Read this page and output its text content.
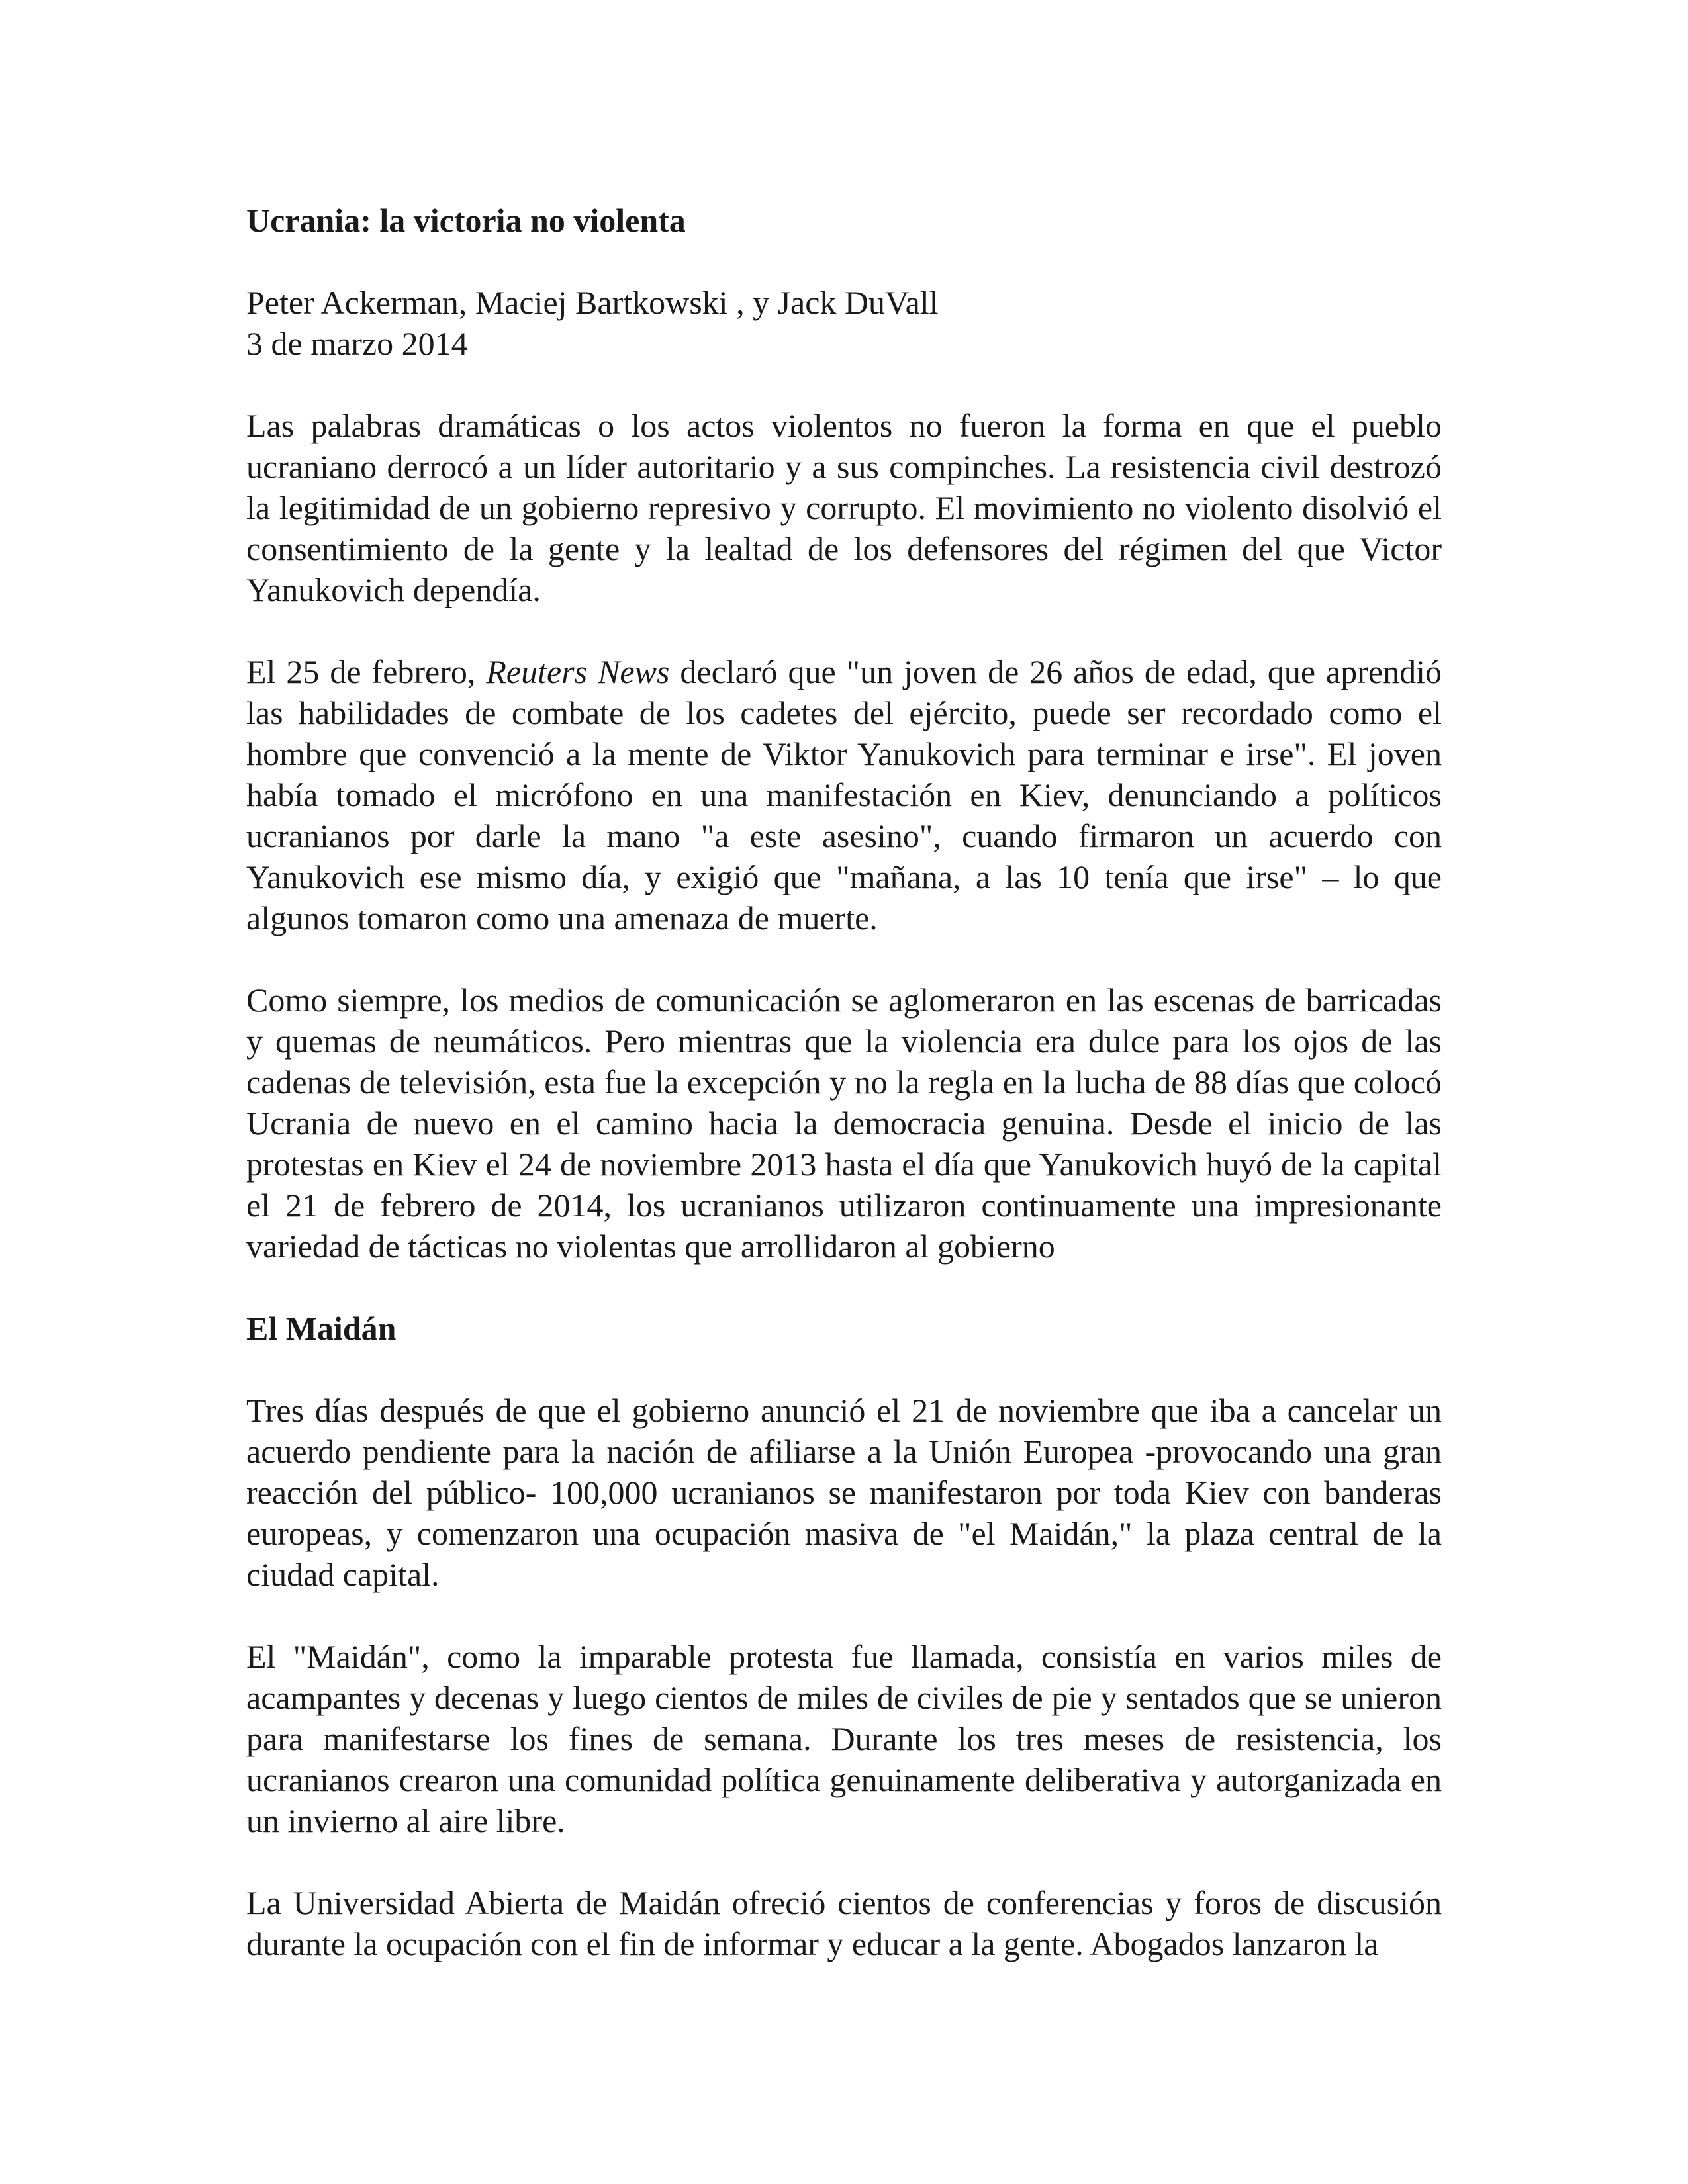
Ucrania: la victoria no violenta

Peter Ackerman, Maciej Bartkowski , y Jack DuVall

3 de marzo 2014

Las palabras dramáticas o los actos violentos no fueron la forma en que el pueblo ucraniano derrocó a un líder autoritario y a sus compinches. La resistencia civil destrozó la legitimidad de un gobierno represivo y corrupto. El movimiento no violento disolvió el consentimiento de la gente y la lealtad de los defensores del régimen del que Victor Yanukovich dependía.

El 25 de febrero, Reuters News declaró que "un joven de 26 años de edad, que aprendió las habilidades de combate de los cadetes del ejército, puede ser recordado como el hombre que convenció a la mente de Viktor Yanukovich para terminar e irse". El joven había tomado el micrófono en una manifestación en Kiev, denunciando a políticos ucranianos por darle la mano "a este asesino", cuando firmaron un acuerdo con Yanukovich ese mismo día, y exigió que "mañana, a las 10 tenía que irse" – lo que algunos tomaron como una amenaza de muerte.

Como siempre, los medios de comunicación se aglomeraron en las escenas de barricadas y quemas de neumáticos. Pero mientras que la violencia era dulce para los ojos de las cadenas de televisión, esta fue la excepción y no la regla en la lucha de 88 días que colocó Ucrania de nuevo en el camino hacia la democracia genuina. Desde el inicio de las protestas en Kiev el 24 de noviembre 2013 hasta el día que Yanukovich huyó de la capital el 21 de febrero de 2014, los ucranianos utilizaron continuamente una impresionante variedad de tácticas no violentas que arrollidaron al gobierno

El Maidán

Tres días después de que el gobierno anunció el 21 de noviembre que iba a cancelar un acuerdo pendiente para la nación de afiliarse a la Unión Europea -provocando una gran reacción del público- 100,000 ucranianos se manifestaron por toda Kiev con banderas europeas, y comenzaron una ocupación masiva de "el Maidán," la plaza central de la ciudad capital.

El "Maidán", como la imparable protesta fue llamada, consistía en varios miles de acampantes y decenas y luego cientos de miles de civiles de pie y sentados que se unieron para manifestarse los fines de semana. Durante los tres meses de resistencia, los ucranianos crearon una comunidad política genuinamente deliberativa y autorganizada en un invierno al aire libre.

La Universidad Abierta de Maidán ofreció cientos de conferencias y foros de discusión durante la ocupación con el fin de informar y educar a la gente. Abogados lanzaron la
